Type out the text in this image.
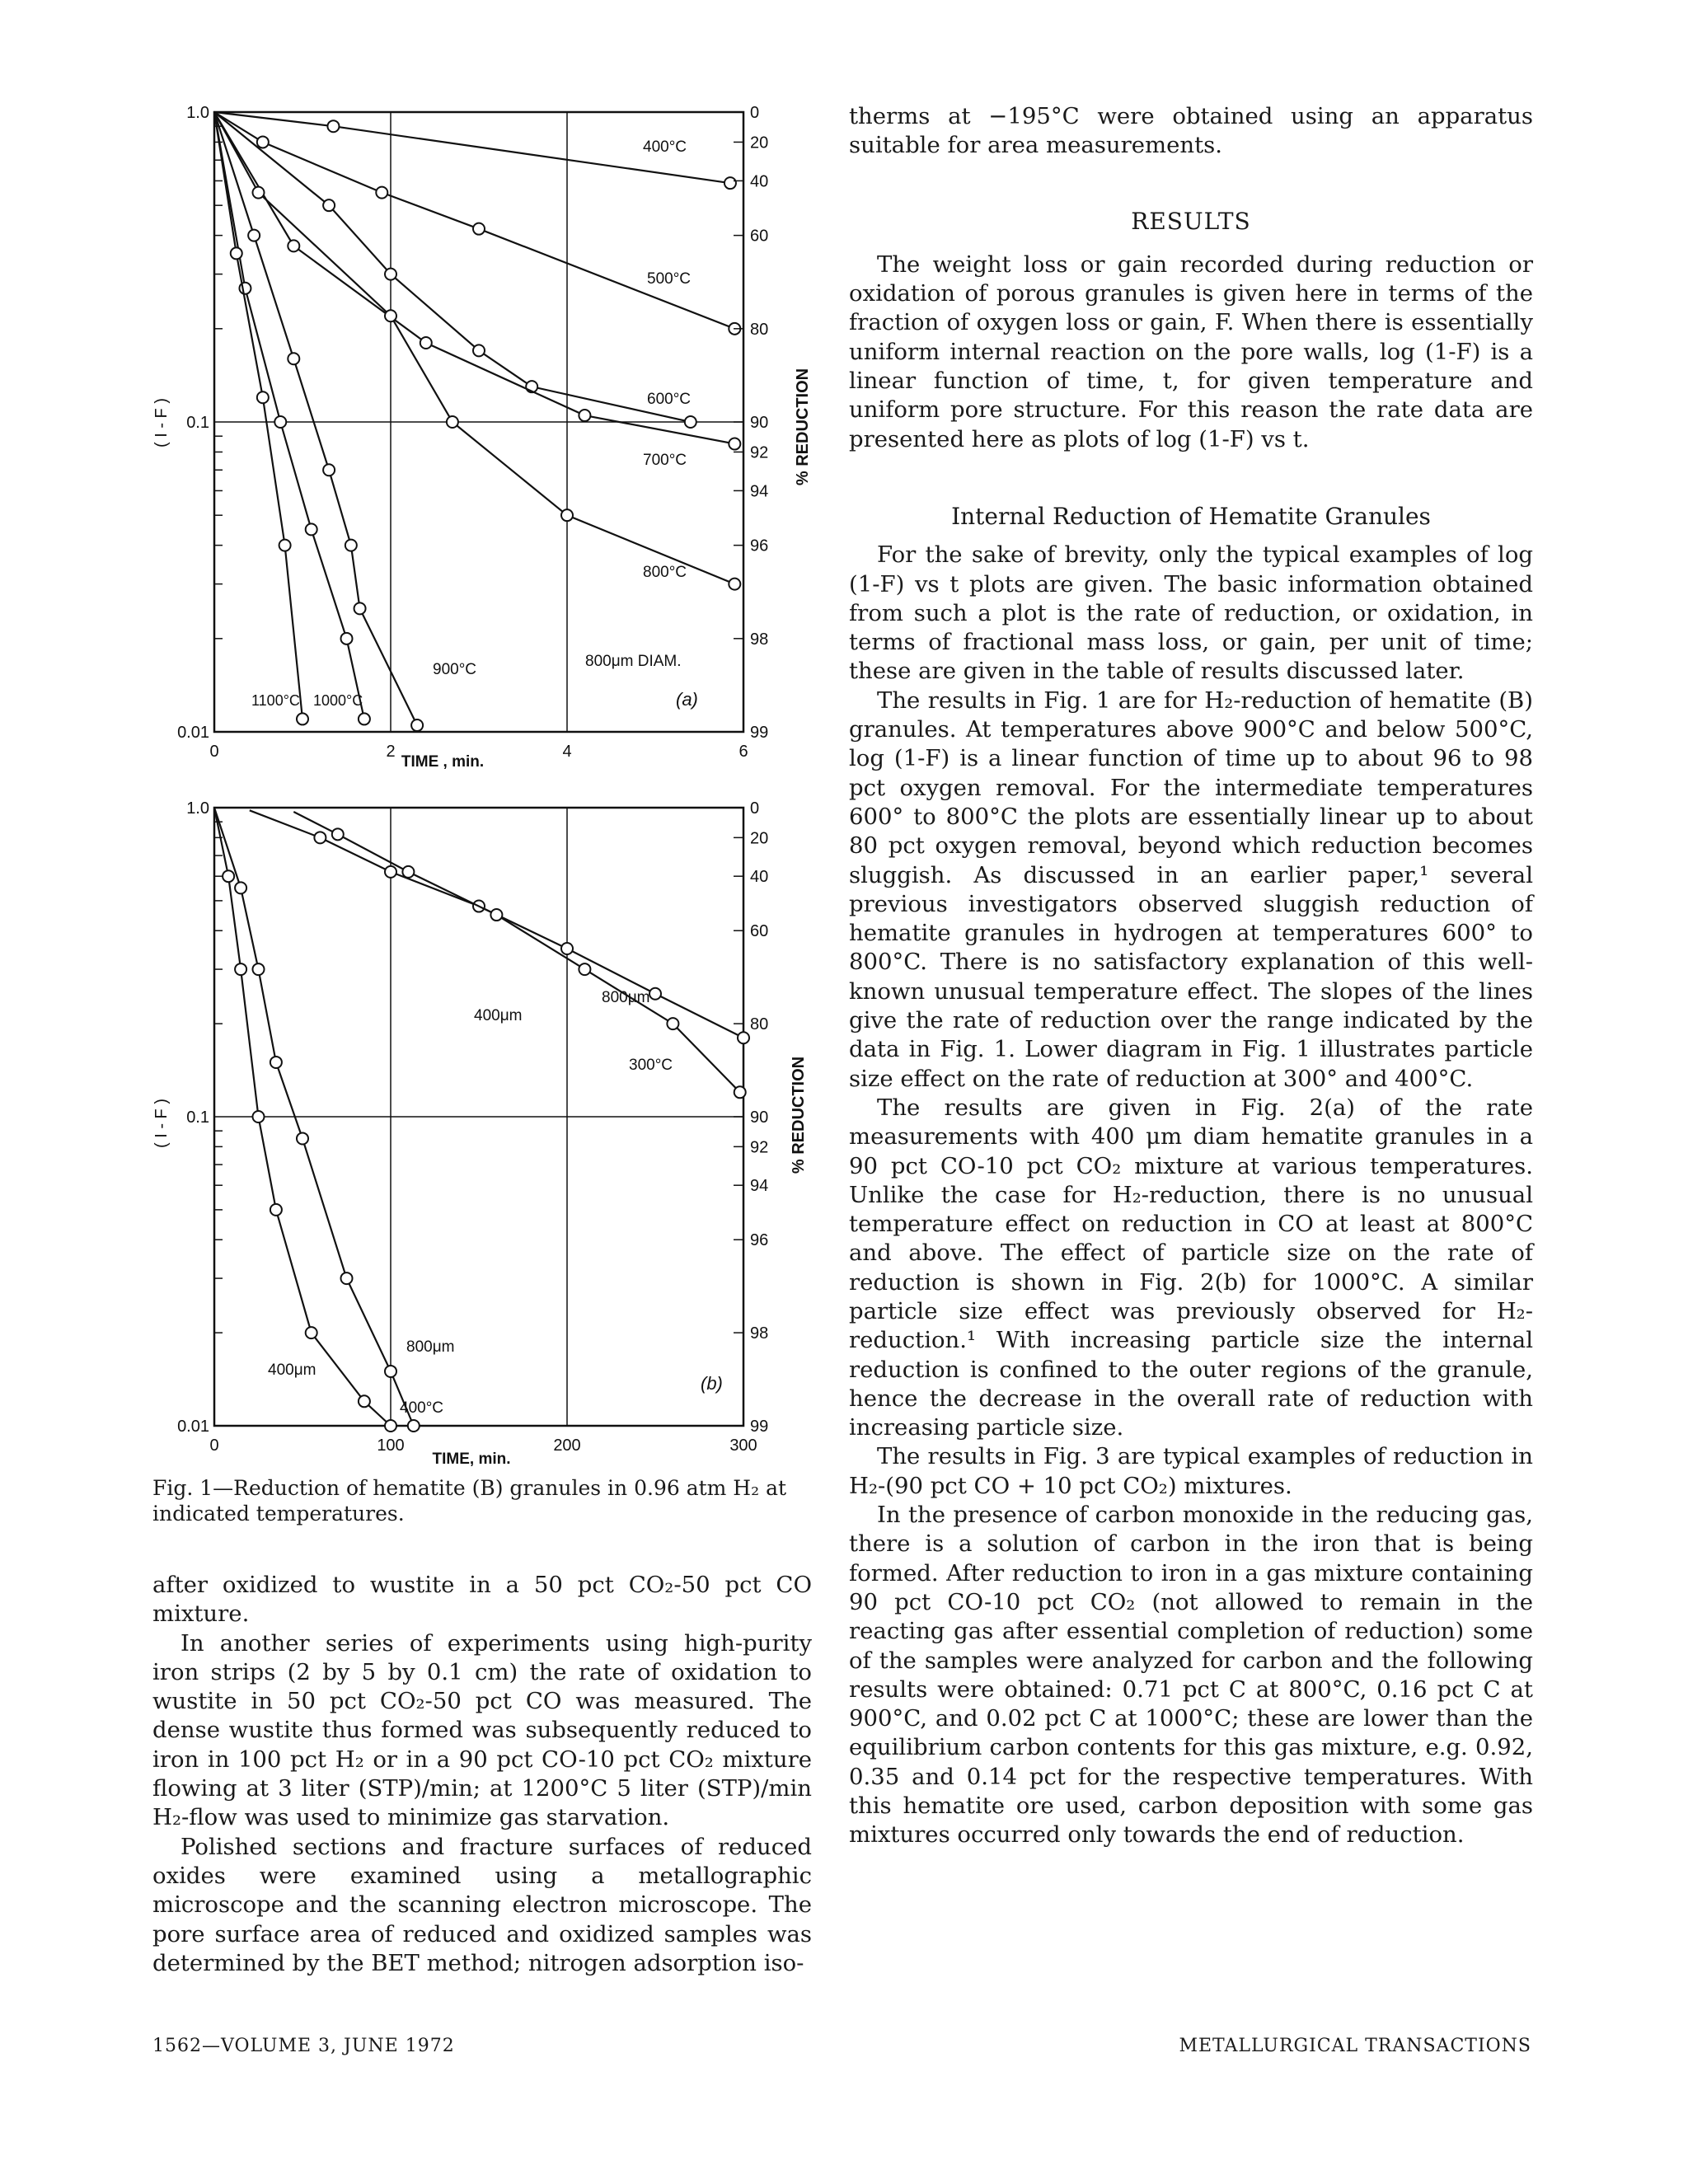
0	2	4	6
1.0
0.1
0.01
0
20
40
60
80
90
92
94
96
98
99
400°C
500°C
600°C
700°C
800°C
900°C
1000°C
1100°C
800μm DIAM.
(a)
( I - F )	% REDUCTION
TIME , min.
0	100	200	300
1.0
0.1
0.01
0
20
40
60
80
90
92
94
96
98
99
800μm
400μm
300°C
800μm
400μm
400°C
(b)
( I - F )	% REDUCTION
TIME, min.
Fig. 1—Reduction of hematite (B) granules in 0.96 atm H₂ at indicated temperatures.

after oxidized to wustite in a 50 pct CO₂-50 pct CO mixture.

In another series of experiments using high-purity iron strips (2 by 5 by 0.1 cm) the rate of oxidation to wustite in 50 pct CO₂-50 pct CO was measured. The dense wustite thus formed was subsequently reduced to iron in 100 pct H₂ or in a 90 pct CO-10 pct CO₂ mixture flowing at 3 liter (STP)/min; at 1200°C 5 liter (STP)/min H₂-flow was used to minimize gas starvation.

Polished sections and fracture surfaces of reduced oxides were examined using a metallographic microscope and the scanning electron microscope. The pore surface area of reduced and oxidized samples was determined by the BET method; nitrogen adsorption iso-

therms at −195°C were obtained using an apparatus suitable for area measurements.

RESULTS

The weight loss or gain recorded during reduction or oxidation of porous granules is given here in terms of the fraction of oxygen loss or gain, F. When there is essentially uniform internal reaction on the pore walls, log (1-F) is a linear function of time, t, for given temperature and uniform pore structure. For this reason the rate data are presented here as plots of log (1-F) vs t.

Internal Reduction of Hematite Granules

For the sake of brevity, only the typical examples of log (1-F) vs t plots are given. The basic information obtained from such a plot is the rate of reduction, or oxidation, in terms of fractional mass loss, or gain, per unit of time; these are given in the table of results discussed later.

The results in Fig. 1 are for H₂-reduction of hematite (B) granules. At temperatures above 900°C and below 500°C, log (1-F) is a linear function of time up to about 96 to 98 pct oxygen removal. For the intermediate temperatures 600° to 800°C the plots are essentially linear up to about 80 pct oxygen removal, beyond which reduction becomes sluggish. As discussed in an earlier paper,¹ several previous investigators observed sluggish reduction of hematite granules in hydrogen at temperatures 600° to 800°C. There is no satisfactory explanation of this well-known unusual temperature effect. The slopes of the lines give the rate of reduction over the range indicated by the data in Fig. 1. Lower diagram in Fig. 1 illustrates particle size effect on the rate of reduction at 300° and 400°C.

The results are given in Fig. 2(a) of the rate measurements with 400 μm diam hematite granules in a 90 pct CO-10 pct CO₂ mixture at various temperatures. Unlike the case for H₂-reduction, there is no unusual temperature effect on reduction in CO at least at 800°C and above. The effect of particle size on the rate of reduction is shown in Fig. 2(b) for 1000°C. A similar particle size effect was previously observed for H₂-reduction.¹ With increasing particle size the internal reduction is confined to the outer regions of the granule, hence the decrease in the overall rate of reduction with increasing particle size.

The results in Fig. 3 are typical examples of reduction in H₂-(90 pct CO + 10 pct CO₂) mixtures.

In the presence of carbon monoxide in the reducing gas, there is a solution of carbon in the iron that is being formed. After reduction to iron in a gas mixture containing 90 pct CO-10 pct CO₂ (not allowed to remain in the reacting gas after essential completion of reduction) some of the samples were analyzed for carbon and the following results were obtained: 0.71 pct C at 800°C, 0.16 pct C at 900°C, and 0.02 pct C at 1000°C; these are lower than the equilibrium carbon contents for this gas mixture, e.g. 0.92, 0.35 and 0.14 pct for the respective temperatures. With this hematite ore used, carbon deposition with some gas mixtures occurred only towards the end of reduction.

1562—VOLUME 3, JUNE 1972	METALLURGICAL TRANSACTIONS
